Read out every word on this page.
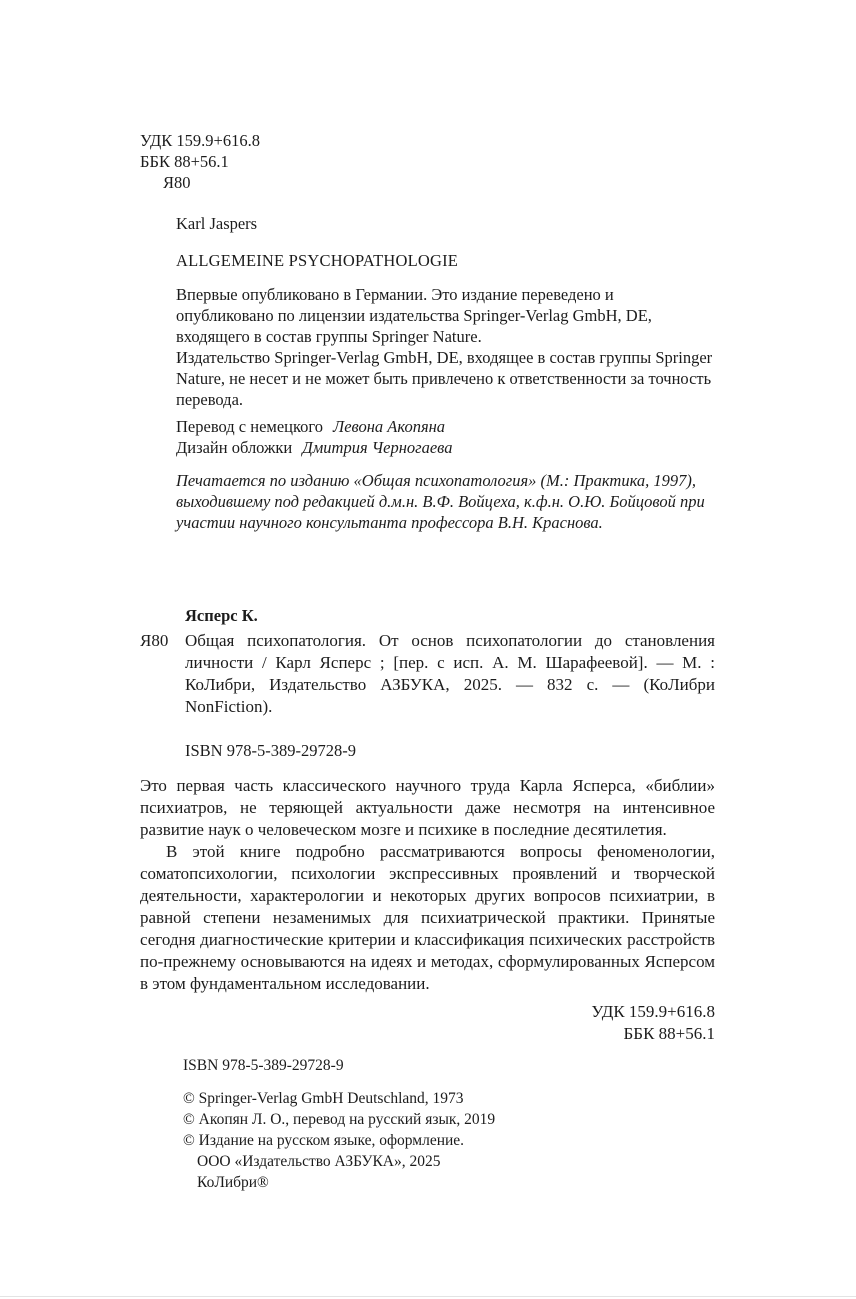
УДК 159.9+616.8
ББК 88+56.1
Я80
Karl Jaspers
ALLGEMEINE PSYCHOPATHOLOGIE

Впервые опубликовано в Германии. Это издание переведено и опубликовано по лицензии издательства Springer-Verlag GmbH, DE, входящего в состав группы Springer Nature.

Издательство Springer-Verlag GmbH, DE, входящее в состав группы Springer Nature, не несет и не может быть привлечено к ответственности за точность перевода.

Перевод с немецкого Левона Акопяна
Дизайн обложки Дмитрия Черногаева

Печатается по изданию «Общая психопатология» (М.: Практика, 1997), выходившему под редакцией д.м.н. В.Ф. Войцеха, к.ф.н. О.Ю. Бойцовой при участии научного консультанта профессора В.Н. Краснова.

Ясперс К.
Я80 Общая психопатология. От основ психопатологии до становления личности / Карл Ясперс ; [пер. с исп. А. М. Шарафеевой]. — М. : КоЛибри, Издательство АЗБУКА, 2025. — 832 с. — (КоЛибри NonFiction).

ISBN 978-5-389-29728-9

Это первая часть классического научного труда Карла Ясперса, «библии» психиатров, не теряющей актуальности даже несмотря на интенсивное развитие наук о человеческом мозге и психике в последние десятилетия.

В этой книге подробно рассматриваются вопросы феноменологии, соматопсихологии, психологии экспрессивных проявлений и творческой деятельности, характерологии и некоторых других вопросов психиатрии, в равной степени незаменимых для психиатрической практики. Принятые сегодня диагностические критерии и классификация психических расстройств по-прежнему основываются на идеях и методах, сформулированных Ясперсом в этом фундаментальном исследовании.

УДК 159.9+616.8
ББК 88+56.1
ISBN 978-5-389-29728-9
© Springer-Verlag GmbH Deutschland, 1973
© Акопян Л. О., перевод на русский язык, 2019
© Издание на русском языке, оформление.
ООО «Издательство АЗБУКА», 2025
КоЛибри®
